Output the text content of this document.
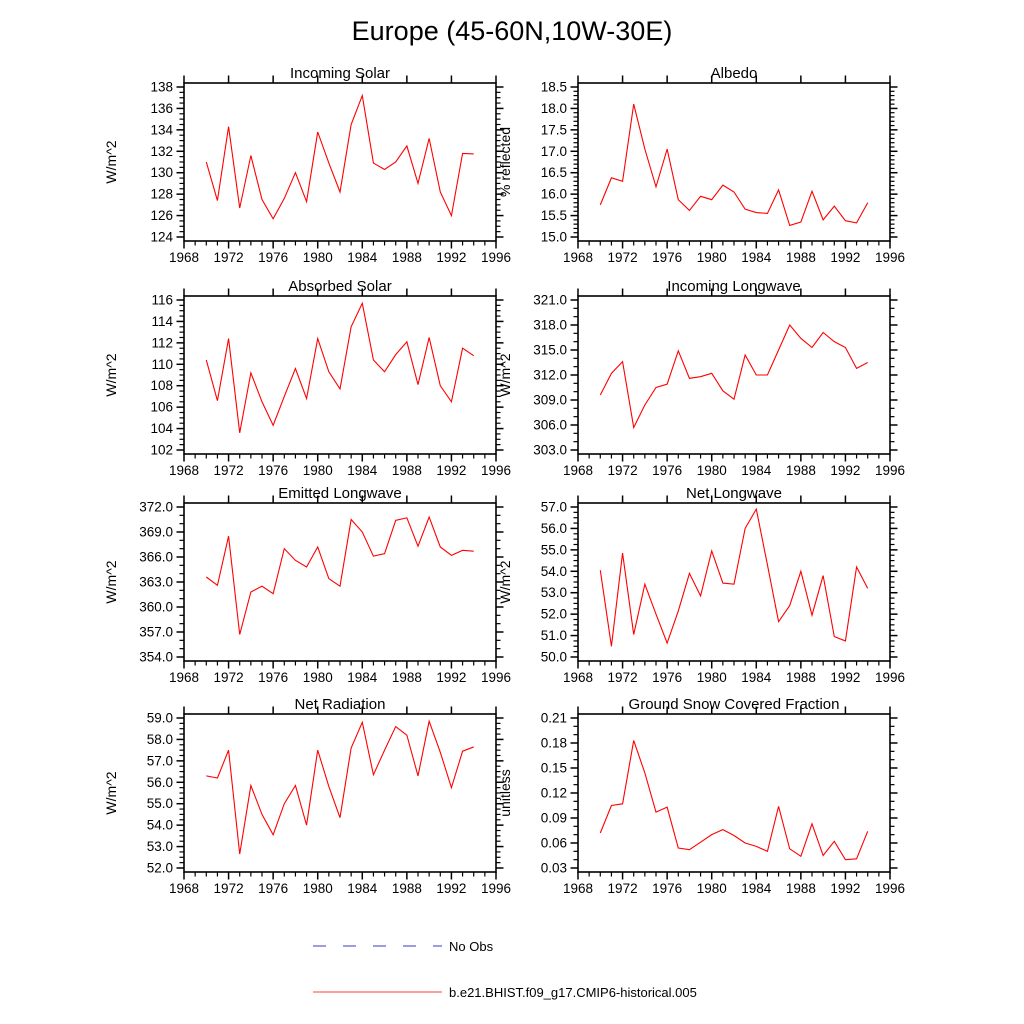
Europe (45-60N,10W-30E)
Incoming Solar
W/m^2
1968 1972 1976 1980 1984 1988 1992 1996
124
126
128
130
132
134
136
138
Albedo
% reflected
1968 1972 1976 1980 1984 1988 1992 1996
15.0
15.5
16.0
16.5
17.0
17.5
18.0
18.5
Absorbed Solar
W/m^2
1968 1972 1976 1980 1984 1988 1992 1996
102
104
106
108
110
112
114
116
Incoming Longwave
W/m^2
1968 1972 1976 1980 1984 1988 1992 1996
303.0
306.0
309.0
312.0
315.0
318.0
321.0
Emitted Longwave
W/m^2
1968 1972 1976 1980 1984 1988 1992 1996
354.0
357.0
360.0
363.0
366.0
369.0
372.0
Net Longwave
W/m^2
1968 1972 1976 1980 1984 1988 1992 1996
50.0
51.0
52.0
53.0
54.0
55.0
56.0
57.0
Net Radiation
W/m^2
1968 1972 1976 1980 1984 1988 1992 1996
52.0
53.0
54.0
55.0
56.0
57.0
58.0
59.0
Ground Snow Covered Fraction
unitless
1968 1972 1976 1980 1984 1988 1992 1996
0.03
0.06
0.09
0.12
0.15
0.18
0.21
No Obs
b.e21.BHIST.f09_g17.CMIP6-historical.005
